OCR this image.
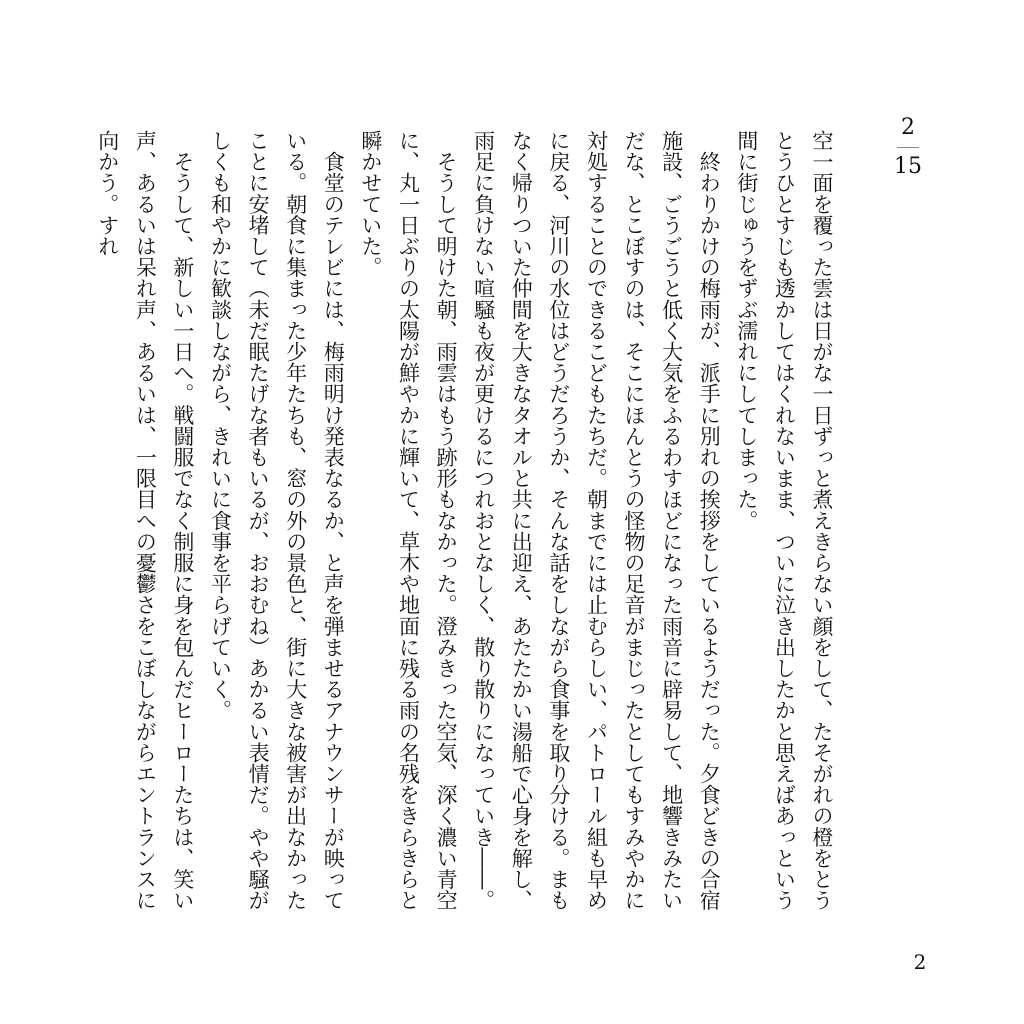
2
15

空一面を覆った雲は日がな一日ずっと煮えきらない顔をして、たそがれの橙をとうとうひとすじも透かしてはくれないまま、ついに泣き出したかと思えばあっという間に街じゅうをずぶ濡れにしてしまった。

　終わりかけの梅雨が、派手に別れの挨拶をしているようだった。夕食どきの合宿施設、ごうごうと低く大気をふるわすほどになった雨音に辟易して、地響きみたいだな、とこぼすのは、そこにほんとうの怪物の足音がまじったとしてもすみやかに対処することのできるこどもたちだ。朝までには止むらしい、パトロール組も早めに戻る、河川の水位はどうだろうか、そんな話をしながら食事を取り分ける。まもなく帰りついた仲間を大きなタオルと共に出迎え、あたたかい湯船で心身を解し、雨足に負けない喧騒も夜が更けるにつれおとなしく、散り散りになっていき――。

　そうして明けた朝、雨雲はもう跡形もなかった。澄みきった空気、深く濃い青空に、丸一日ぶりの太陽が鮮やかに輝いて、草木や地面に残る雨の名残をきらきらと瞬かせていた。

　食堂のテレビには、梅雨明け発表なるか、と声を弾ませるアナウンサーが映っている。朝食に集まった少年たちも、窓の外の景色と、街に大きな被害が出なかったことに安堵して（未だ眠たげな者もいるが、おおむね）あかるい表情だ。やや騒がしくも和やかに歓談しながら、きれいに食事を平らげていく。

　そうして、新しい一日へ。戦闘服でなく制服に身を包んだヒーローたちは、笑い声、あるいは呆れ声、あるいは、一限目への憂鬱さをこぼしながらエントランスに向かう。すれ

2
